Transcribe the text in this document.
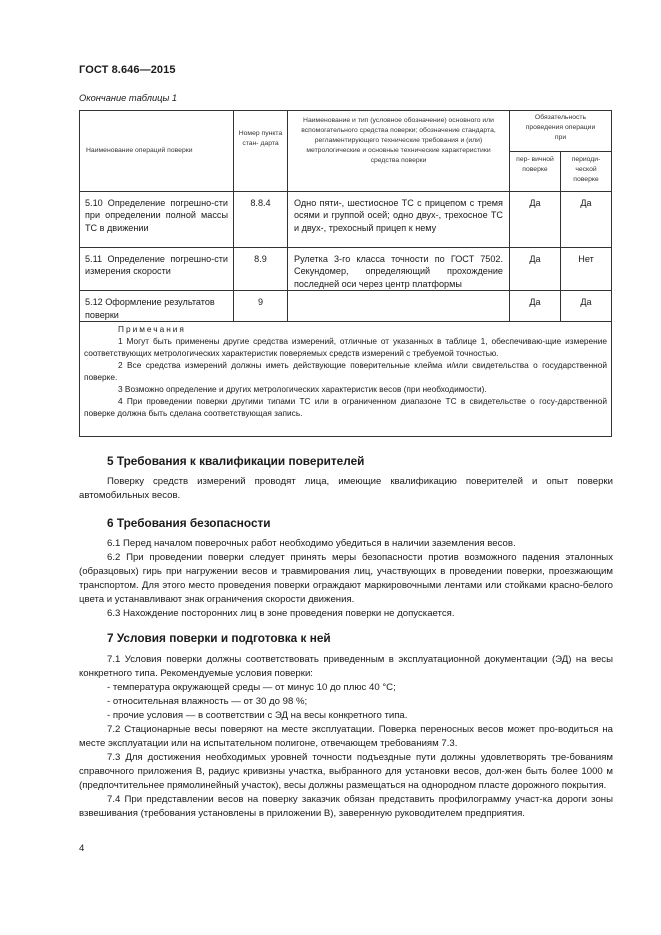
ГОСТ 8.646—2015
Окончание таблицы 1
Наименование операций поверки	Номер пункта стан- дарта	Наименование и тип (условное обозначение) основного или вспомогательного средства поверки; обозначение стандарта, регламентирующего технические требования и (или) метрологические и основные технические характеристики средства поверки	Обязательность проведения операции при	
			пер- вичной поверке	периоди- ческой поверке
5.10 Определение погрешно-сти при определении полной массы ТС в движении	8.8.4	Одно пяти-, шестиосное ТС с прицепом с тремя осями и группой осей; одно двух-, трехосное ТС и двух-, трехосный прицеп к нему	Да	Да
5.11 Определение погрешно-сти измерения скорости	8.9	Рулетка 3-го класса точности по ГОСТ 7502. Секундомер, определяющий прохождение последней оси через центр платформы	Да	Нет
5.12 Оформление результатов поверки	9		Да	Да

Примечания

1 Могут быть применены другие средства измерений, отличные от указанных в таблице 1, обеспечиваю-щие измерение соответствующих метрологических характеристик поверяемых средств измерений с требуемой точностью.

2 Все средства измерений должны иметь действующие поверительные клейма и/или свидетельства о государственной поверке.

3 Возможно определение и других метрологических характеристик весов (при необходимости).

4 При проведении поверки другими типами ТС или в ограниченном диапазоне ТС в свидетельстве о госу-дарственной поверке должна быть сделана соответствующая запись.				

5 Требования к квалификации поверителей

Поверку средств измерений проводят лица, имеющие квалификацию поверителей и опыт поверки автомобильных весов.

6 Требования безопасности

6.1 Перед началом поверочных работ необходимо убедиться в наличии заземления весов.

6.2 При проведении поверки следует принять меры безопасности против возможного падения эталонных (образцовых) гирь при нагружении весов и травмирования лиц, участвующих в проведении поверки, проезжающим транспортом. Для этого место проведения поверки ограждают маркировочными лентами или стойками красно-белого цвета и устанавливают знак ограничения скорости движения.

6.3 Нахождение посторонних лиц в зоне проведения поверки не допускается.

7 Условия поверки и подготовка к ней

7.1 Условия поверки должны соответствовать приведенным в эксплуатационной документации (ЭД) на весы конкретного типа. Рекомендуемые условия поверки:

- температура окружающей среды — от минус 10 до плюс 40 °С;

- относительная влажность — от 30 до 98 %;

- прочие условия — в соответствии с ЭД на весы конкретного типа.

7.2 Стационарные весы поверяют на месте эксплуатации. Поверка переносных весов может про-водиться на месте эксплуатации или на испытательном полигоне, отвечающем требованиям 7.3.

7.3 Для достижения необходимых уровней точности подъездные пути должны удовлетворять тре-бованиям справочного приложения В, радиус кривизны участка, выбранного для установки весов, дол-жен быть более 1000 м (предпочтительнее прямолинейный участок), весы должны размещаться на однородном пласте дорожного покрытия.

7.4 При представлении весов на поверку заказчик обязан представить профилограмму участ-ка дороги зоны взвешивания (требования установлены в приложении В), заверенную руководителем предприятия.

4
